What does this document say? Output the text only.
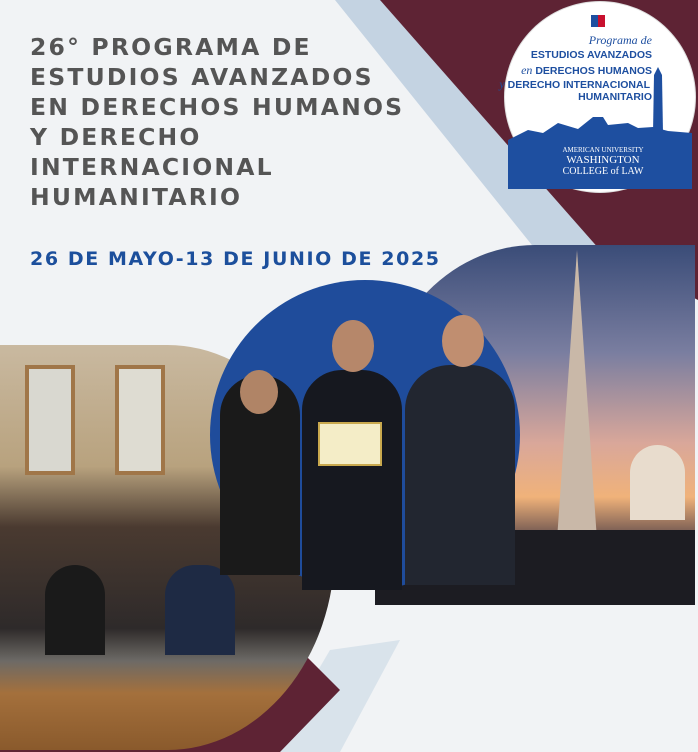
26° PROGRAMA DE
ESTUDIOS AVANZADOS
EN DERECHOS HUMANOS
Y DERECHO
INTERNACIONAL
HUMANITARIO
26 DE MAYO-13 DE JUNIO DE 2025
Programa de
ESTUDIOS AVANZADOS
en DERECHOS HUMANOS
y DERECHO INTERNACIONAL
HUMANITARIO
AMERICAN UNIVERSITY
WASHINGTON
COLLEGE of LAW
